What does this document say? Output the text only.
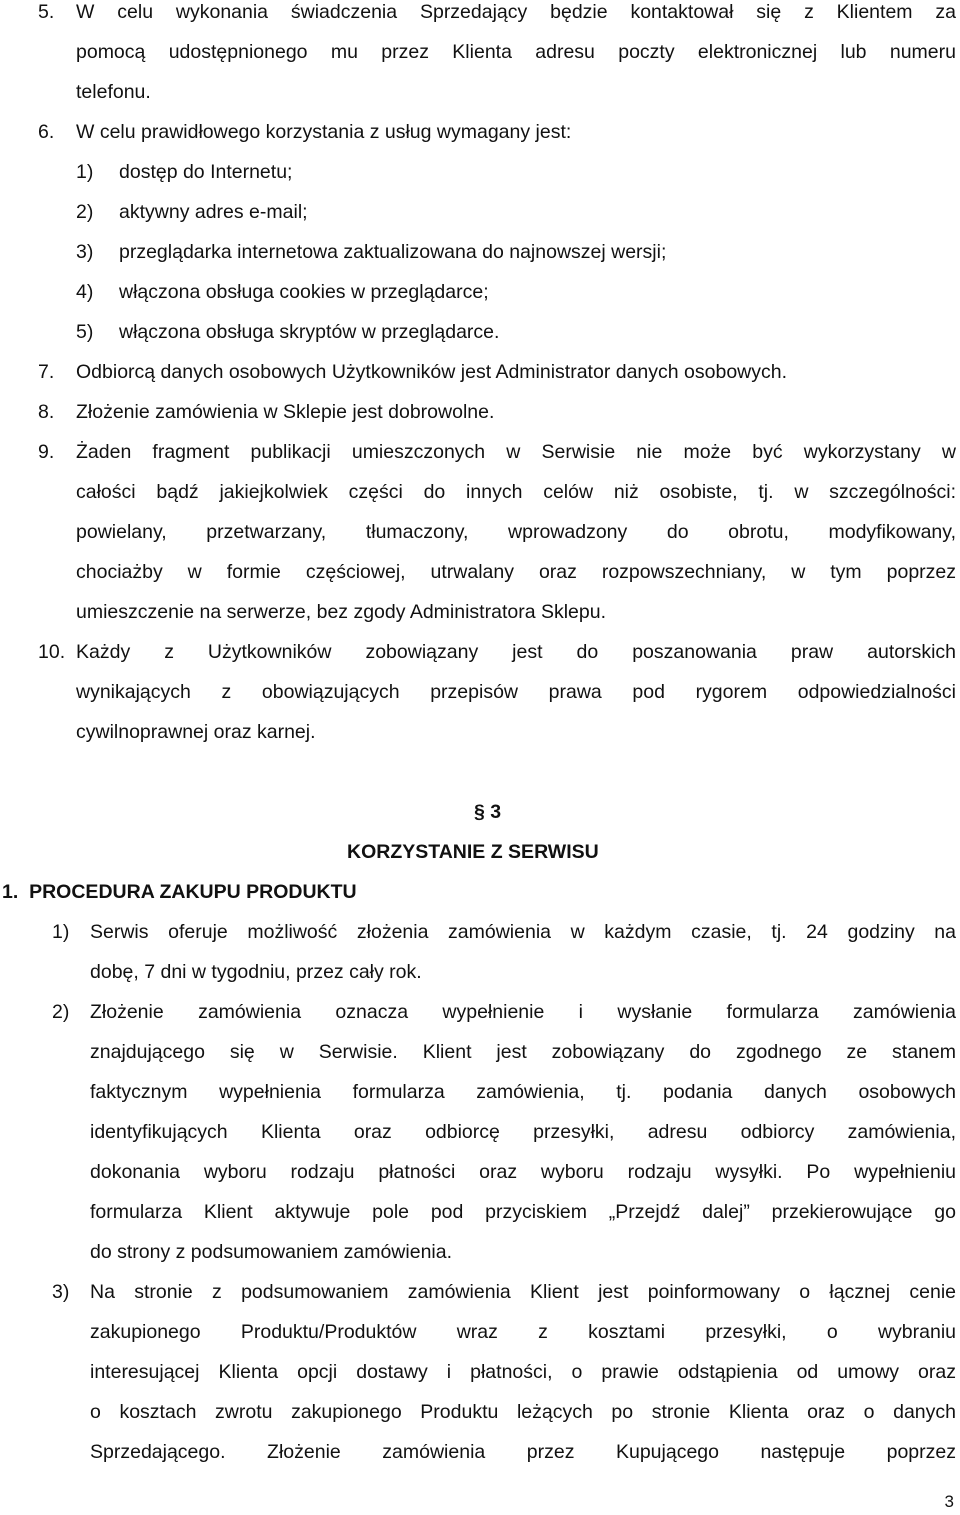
5. W celu wykonania świadczenia Sprzedający będzie kontaktował się z Klientem za
pomocą udostępnionego mu przez Klienta adresu poczty elektronicznej lub numeru
telefonu.
6. W celu prawidłowego korzystania z usług wymagany jest:
1) dostęp do Internetu;
2) aktywny adres e-mail;
3) przeglądarka internetowa zaktualizowana do najnowszej wersji;
4) włączona obsługa cookies w przeglądarce;
5) włączona obsługa skryptów w przeglądarce.
7. Odbiorcą danych osobowych Użytkowników jest Administrator danych osobowych.
8. Złożenie zamówienia w Sklepie jest dobrowolne.
9. Żaden fragment publikacji umieszczonych w Serwisie nie może być wykorzystany w
całości bądź jakiejkolwiek części do innych celów niż osobiste, tj. w szczególności:
powielany, przetwarzany, tłumaczony, wprowadzony do obrotu, modyfikowany,
chociażby w formie częściowej, utrwalany oraz rozpowszechniany, w tym poprzez
umieszczenie na serwerze, bez zgody Administratora Sklepu.
10. Każdy z Użytkowników zobowiązany jest do poszanowania praw autorskich
wynikających z obowiązujących przepisów prawa pod rygorem odpowiedzialności
cywilnoprawnej oraz karnej.
§ 3
KORZYSTANIE Z SERWISU
1.  PROCEDURA ZAKUPU PRODUKTU
1) Serwis oferuje możliwość złożenia zamówienia w każdym czasie, tj. 24 godziny na
dobę, 7 dni w tygodniu, przez cały rok.
2) Złożenie zamówienia oznacza wypełnienie i wysłanie formularza zamówienia
znajdującego się w Serwisie. Klient jest zobowiązany do zgodnego ze stanem
faktycznym wypełnienia formularza zamówienia, tj. podania danych osobowych
identyfikujących Klienta oraz odbiorcę przesyłki, adresu odbiorcy zamówienia,
dokonania wyboru rodzaju płatności oraz wyboru rodzaju wysyłki. Po wypełnieniu
formularza Klient aktywuje pole pod przyciskiem „Przejdź dalej” przekierowujące go
do strony z podsumowaniem zamówienia.
3) Na stronie z podsumowaniem zamówienia Klient jest poinformowany o łącznej cenie
zakupionego Produktu/Produktów wraz z kosztami przesyłki, o wybraniu
interesującej Klienta opcji dostawy i płatności, o prawie odstąpienia od umowy oraz
o kosztach zwrotu zakupionego Produktu leżących po stronie Klienta oraz o danych
Sprzedającego. Złożenie zamówienia przez Kupującego następuje poprzez
3
